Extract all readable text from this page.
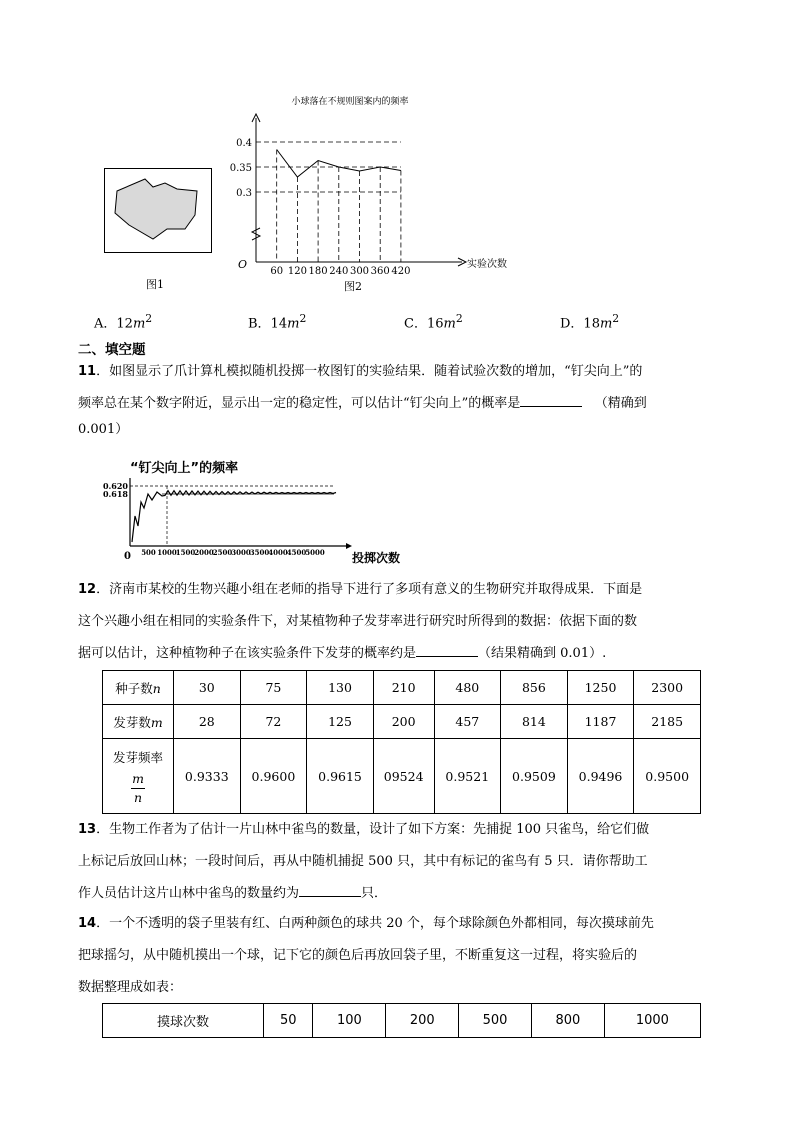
图1
小球落在不规则图案内的频率
0.4
0.35
0.3
60 120 180 240 300 360 420
实验次数
O
图2
A．$12m^2$	B．$14m^2$	C．$16m^2$	D．$18m^2$
二、填空题
11．如图显示了爪计算札模拟随机投掷一枚图钉的实验结果．随着试验次数的增加，“钉尖向上”的
频率总在某个数字附近，显示出一定的稳定性，可以估计“钉尖向上”的概率是	（精确到
0.001）
“钉尖向上”的频率
0.620
0.618
500 1000 1500 2000 2500 3000 3500 4000 4500 5000 投掷次数
0
12．济南市某校的生物兴趣小组在老师的指导下进行了多项有意义的生物研究并取得成果．下面是
这个兴趣小组在相同的实验条件下，对某植物种子发芽率进行研究时所得到的数据：依据下面的数
据可以估计，这种植物种子在该实验条件下发芽的概率约是	（结果精确到 0.01）.
种子数n	30	75	130	210	480	856	1250	2300
发芽数m	28	72	125	200	457	814	1187	2185

发芽频率
$\frac{m}{n}$	0.9333	0.9600	0.9615	09524	0.9521	0.9509	0.9496	0.9500
13．生物工作者为了估计一片山林中雀鸟的数量，设计了如下方案：先捕捉 100 只雀鸟，给它们做
上标记后放回山林；一段时间后，再从中随机捕捉 500 只，其中有标记的雀鸟有 5 只．请你帮助工
作人员估计这片山林中雀鸟的数量约为	只．
14．一个不透明的袋子里装有红、白两种颜色的球共 20 个，每个球除颜色外都相同，每次摸球前先
把球摇匀，从中随机摸出一个球，记下它的颜色后再放回袋子里，不断重复这一过程，将实验后的
数据整理成如表：
摸球次数	50	100	200	500	800	1000
